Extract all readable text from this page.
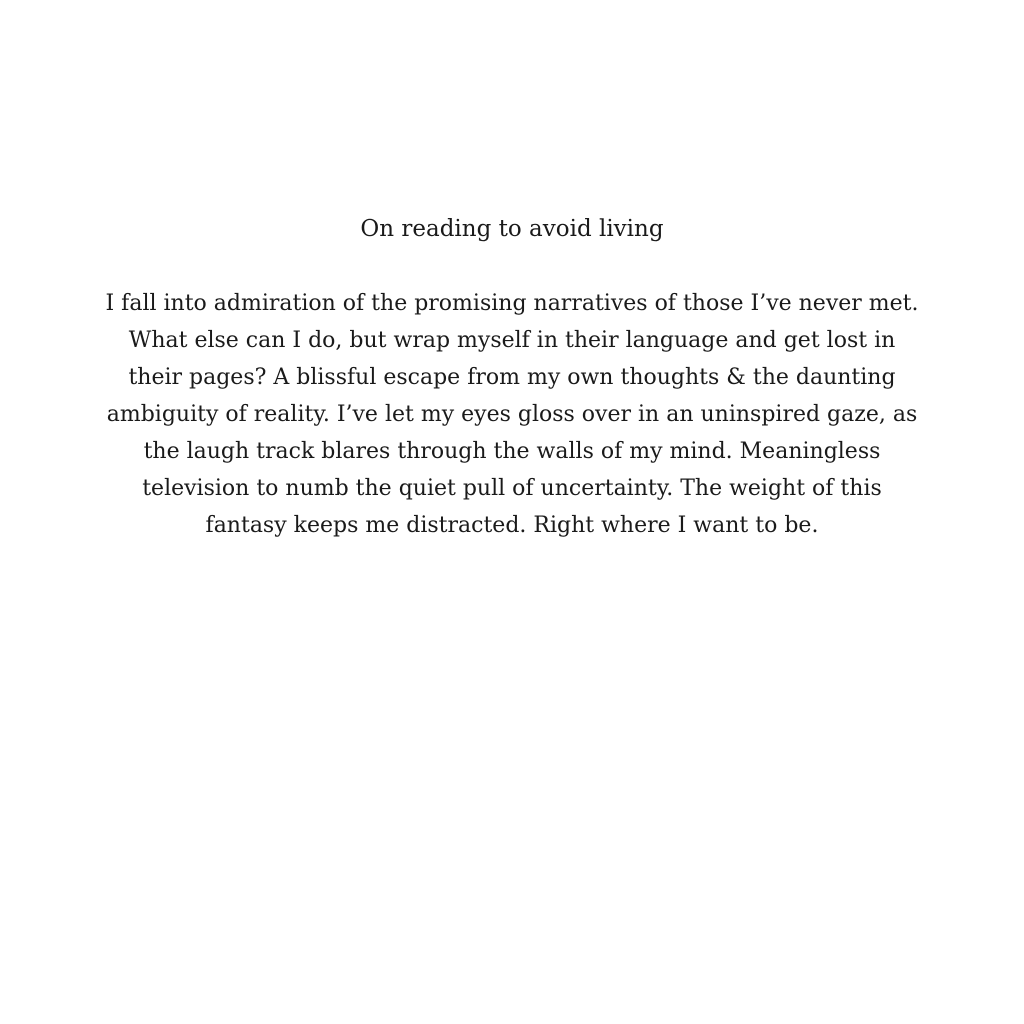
On reading to avoid living
I fall into admiration of the promising narratives of those I’ve never met.
What else can I do, but wrap myself in their language and get lost in
their pages? A blissful escape from my own thoughts & the daunting
ambiguity of reality. I’ve let my eyes gloss over in an uninspired gaze, as
the laugh track blares through the walls of my mind. Meaningless
television to numb the quiet pull of uncertainty. The weight of this
fantasy keeps me distracted. Right where I want to be.
